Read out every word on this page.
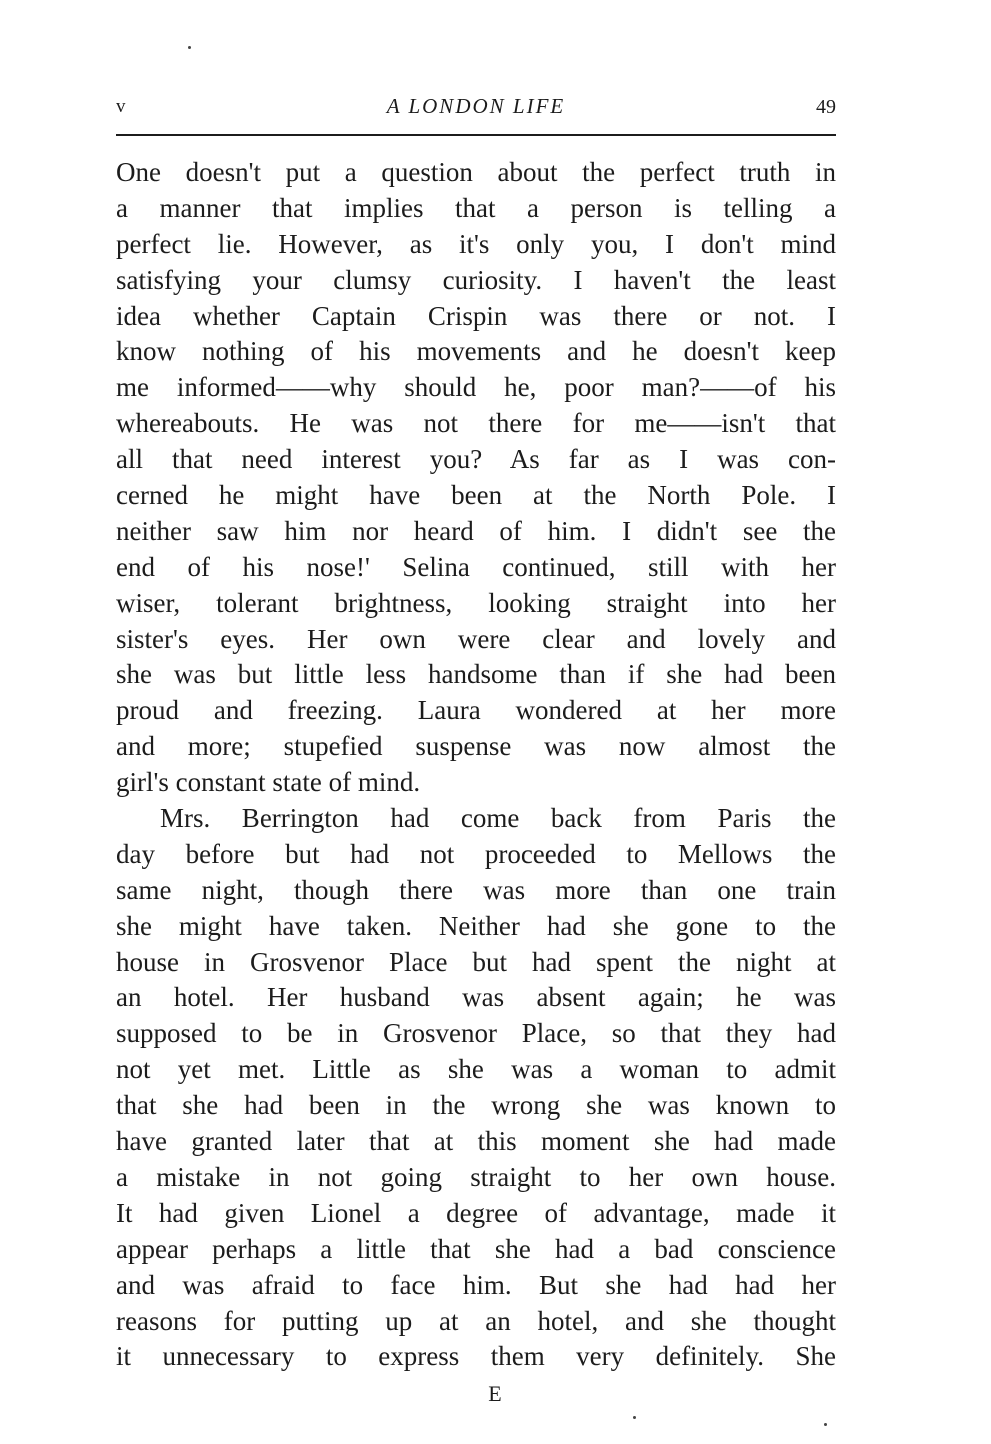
v	A LONDON LIFE	49
One doesn't put a question about the perfect truth in
a manner that implies that a person is telling a
perfect lie. However, as it's only you, I don't mind
satisfying your clumsy curiosity. I haven't the least
idea whether Captain Crispin was there or not. I
know nothing of his movements and he doesn't keep
me informed——why should he, poor man?——of his
whereabouts. He was not there for me——isn't that
all that need interest you? As far as I was con-
cerned he might have been at the North Pole. I
neither saw him nor heard of him. I didn't see the
end of his nose!' Selina continued, still with her
wiser, tolerant brightness, looking straight into her
sister's eyes. Her own were clear and lovely and
she was but little less handsome than if she had been
proud and freezing. Laura wondered at her more
and more; stupefied suspense was now almost the
girl's constant state of mind.
Mrs. Berrington had come back from Paris the
day before but had not proceeded to Mellows the
same night, though there was more than one train
she might have taken. Neither had she gone to the
house in Grosvenor Place but had spent the night at
an hotel. Her husband was absent again; he was
supposed to be in Grosvenor Place, so that they had
not yet met. Little as she was a woman to admit
that she had been in the wrong she was known to
have granted later that at this moment she had made
a mistake in not going straight to her own house.
It had given Lionel a degree of advantage, made it
appear perhaps a little that she had a bad conscience
and was afraid to face him. But she had had her
reasons for putting up at an hotel, and she thought
it unnecessary to express them very definitely. She
E
